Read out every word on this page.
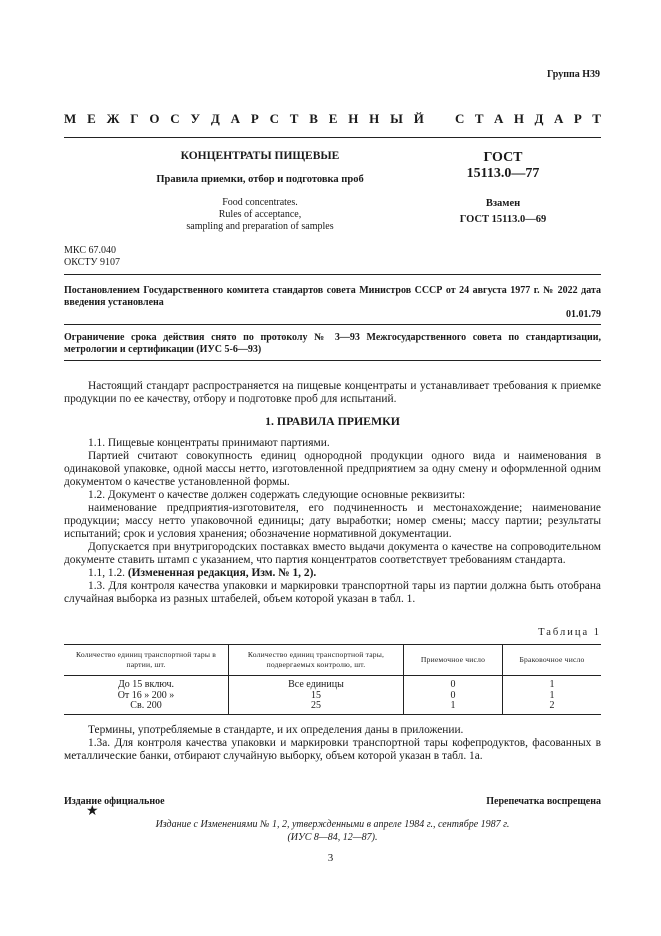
Группа Н39
М Е Ж Г О С У Д А Р С Т В Е Н Н Ы Й С Т А Н Д А Р Т
КОНЦЕНТРАТЫ ПИЩЕВЫЕ
Правила приемки, отбор и подготовка проб
Food concentrates.
Rules of acceptance,
sampling and preparation of samples
ГОСТ
15113.0—77
Взамен
ГОСТ 15113.0—69
МКС 67.040
ОКСТУ 9107
Постановлением Государственного комитета стандартов совета Министров СССР от 24 августа 1977 г. № 2022 дата введения установлена
01.01.79
Ограничение срока действия снято по протоколу № 3—93 Межгосударственного совета по стандартизации, метрологии и сертификации (ИУС 5-6—93)
Настоящий стандарт распространяется на пищевые концентраты и устанавливает требования к приемке продукции по ее качеству, отбору и подготовке проб для испытаний.
1. ПРАВИЛА ПРИЕМКИ
1.1. Пищевые концентраты принимают партиями.
Партией считают совокупность единиц однородной продукции одного вида и наименования в одинаковой упаковке, одной массы нетто, изготовленной предприятием за одну смену и оформленной одним документом о качестве установленной формы.
1.2. Документ о качестве должен содержать следующие основные реквизиты:
наименование предприятия-изготовителя, его подчиненность и местонахождение; наименование продукции; массу нетто упаковочной единицы; дату выработки; номер смены; массу партии; результаты испытаний; срок и условия хранения; обозначение нормативной документации.
Допускается при внутригородских поставках вместо выдачи документа о качестве на сопроводительном документе ставить штамп с указанием, что партия концентратов соответствует требованиям стандарта.
1.1, 1.2. (Измененная редакция, Изм. № 1, 2).
1.3. Для контроля качества упаковки и маркировки транспортной тары из партии должна быть отобрана случайная выборка из разных штабелей, объем которой указан в табл. 1.
Таблица 1
Количество единиц транспортной тары в партии, шт.	Количество единиц транспортной тары, подвергаемых контролю, шт.	Приемочное число	Браковочное число
До 15 включ.	Все единицы	0	1
От 16 » 200 »	15	0	1
Св. 200	25	1	2
Термины, употребляемые в стандарте, и их определения даны в приложении.
1.3а. Для контроля качества упаковки и маркировки транспортной тары кофепродуктов, фасованных в металлические банки, отбирают случайную выборку, объем которой указан в табл. 1а.
Издание официальное	Перепечатка воспрещена
★
Издание с Изменениями № 1, 2, утвержденными в апреле 1984 г., сентябре 1987 г.
(ИУС 8—84, 12—87).
3
